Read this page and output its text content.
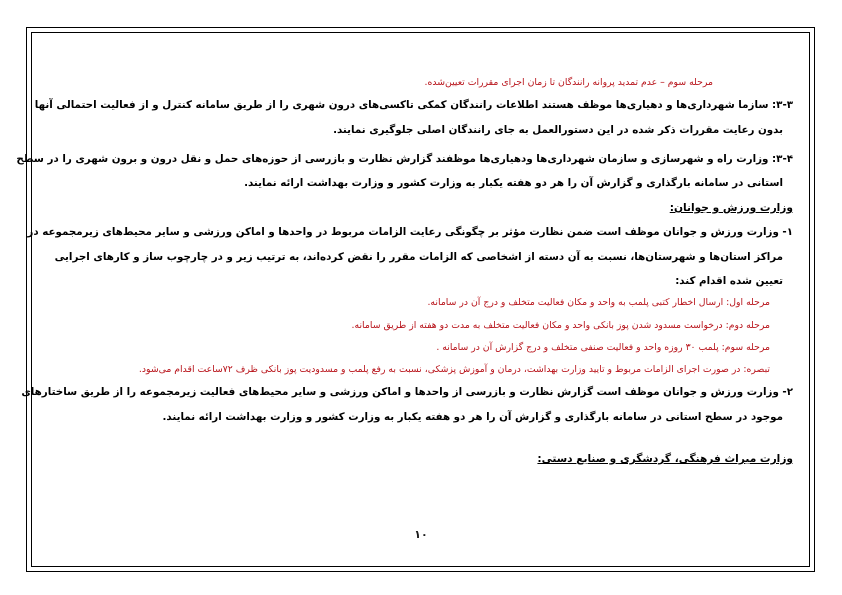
مرحله سوم – عدم تمدید پروانه رانندگان تا زمان اجرای مقررات تعیین‌شده.
۳-۳: سازما شهرداری‌ها و دهیاری‌ها موظف هستند اطلاعات رانندگان کمکی تاکسی‌های درون شهری را از طریق سامانه کنترل و از فعالیت احتمالی آنها
بدون رعایت مقررات ذکر شده در این دستورالعمل به جای رانندگان اصلی جلوگیری نمایند.
۳-۴: وزارت راه و شهرسازی و سازمان شهرداری‌ها ودهیاری‌ها موظفند گزارش نظارت و بازرسی از حوزه‌های حمل و نقل درون و برون شهری را در سطح
استانی در سامانه بارگذاری و گزارش آن را هر دو هفته یکبار به وزارت کشور و وزارت بهداشت ارائه نمایند.
وزارت ورزش و جوانان:
۱- وزارت ورزش و جوانان موظف است ضمن نظارت مؤثر بر چگونگی رعایت الزامات مربوط در واحدها و اماکن ورزشی و سایر محیط‌های زیرمجموعه در
مراکز استان‌ها و شهرستان‌ها، نسبت به آن دسته از اشخاصی که الزامات مقرر را نقض کرده‌اند، به ترتیب زیر و در چارچوب ساز و کارهای اجرایی
تعیین شده اقدام کند:
مرحله اول: ارسال اخطار کتبی پلمب به واحد و مکان فعالیت متخلف و درج آن در سامانه.
مرحله دوم: درخواست مسدود شدن پوز بانکی واحد و مکان فعالیت متخلف به مدت دو هفته از طریق سامانه.
مرحله سوم: پلمب ۳۰ روزه واحد و فعالیت صنفی متخلف و درج گزارش آن در سامانه .
تبصره: در صورت اجرای الزامات مربوط و تایید وزارت بهداشت، درمان و آموزش پزشکی، نسبت به رفع پلمب و مسدودیت پوز بانکی ظرف ۷۲ساعت اقدام می‌شود.
۲- وزارت ورزش و جوانان موظف است گزارش نظارت و بازرسی از واحدها و اماکن ورزشی و سایر محیط‌های فعالیت زیرمجموعه را از طریق ساختارهای
موجود در سطح استانی در سامانه بارگذاری و گزارش آن را هر دو هفته یکبار به وزارت کشور و وزارت بهداشت ارائه نمایند.
وزارت میراث فرهنگی، گردشگری و صنایع دستی:
۱۰
